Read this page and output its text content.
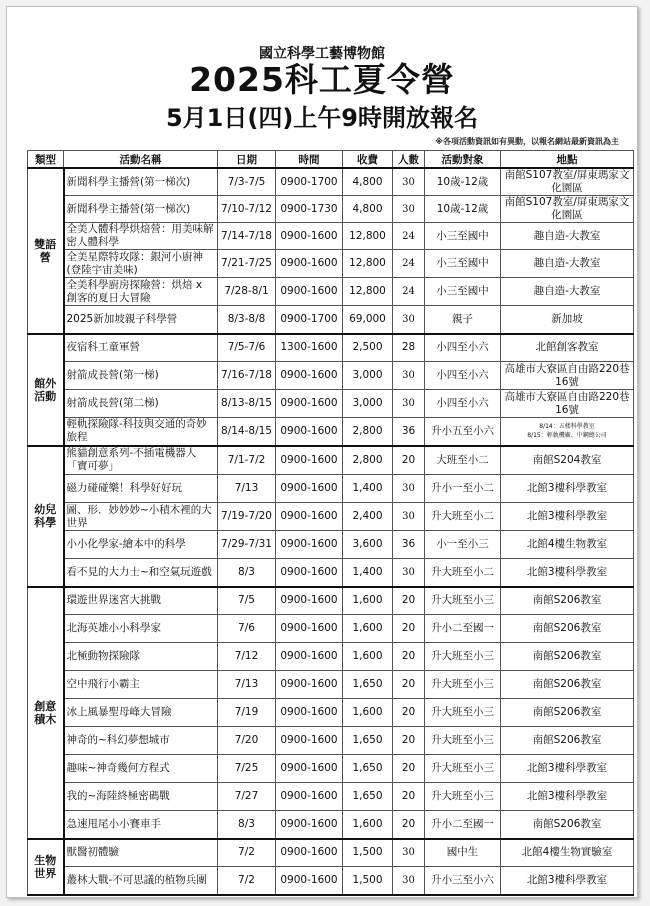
國立科學工藝博物館
2025科工夏令營
5月1日(四)上午9時開放報名
※各項活動資訊如有異動，以報名網站最新資訊為主
類型	活動名稱	日期	時間	收費	人數	活動對象	地點
雙語營	新聞科學主播營(第一梯次)	7/3-7/5	0900-1700	4,800	30	10歲-12歲	南館S107教室/屏東瑪家文化園區
	新聞科學主播營(第一梯次)	7/10-7/12	0900-1730	4,800	30	10歲-12歲	南館S107教室/屏東瑪家文化園區
	全美人體科學烘焙營：用美味解密人體科學	7/14-7/18	0900-1600	12,800	24	小三至國中	趣自造-大教室
	全美星際特攻隊：銀河小廚神(登陸宇宙美味)	7/21-7/25	0900-1600	12,800	24	小三至國中	趣自造-大教室
	全美科學廚房探險營：烘焙 x 創客的夏日大冒險	7/28-8/1	0900-1600	12,800	24	小三至國中	趣自造-大教室
	2025新加坡親子科學營	8/3-8/8	0900-1700	69,000	30	親子	新加坡
館外活動	夜宿科工童軍營	7/5-7/6	1300-1600	2,500	28	小四至小六	北館創客教室
	射箭成長營(第一梯)	7/16-7/18	0900-1600	3,000	30	小四至小六	高雄市大寮區自由路220巷16號
	射箭成長營(第二梯)	8/13-8/15	0900-1600	3,000	30	小四至小六	高雄市大寮區自由路220巷16號
	輕軌探險隊-科技與交通的奇妙旅程	8/14-8/15	0900-1600	2,800	36	升小五至小六	8/14：五楼科學教室
8/15：輕軌機廠、中鋼總公司

幼兒科學	熊貓創意系列-不插電機器人「寶可夢」	7/1-7/2	0900-1600	2,800	20	大班至小二	南館S204教室
	磁力碰碰樂！科學好好玩	7/13	0900-1600	1,400	30	升小一至小二	北館3樓科學教室
	圖、形．妙妙妙~小積木裡的大世界	7/19-7/20	0900-1600	2,400	30	升大班至小二	北館3樓科學教室
	小小化學家-繪本中的科學	7/29-7/31	0900-1600	3,600	36	小一至小三	北館4樓生物教室
	看不見的大力士~和空氣玩遊戲	8/3	0900-1600	1,400	30	升大班至小二	北館3樓科學教室
創意積木	環遊世界迷宮大挑戰	7/5	0900-1600	1,600	20	升大班至小三	南館S206教室
	北海英雄小小科學家	7/6	0900-1600	1,600	20	升小二至國一	南館S206教室
	北極動物探險隊	7/12	0900-1600	1,600	20	升大班至小三	南館S206教室
	空中飛行小霸主	7/13	0900-1600	1,650	20	升大班至小三	南館S206教室
	冰上風暴聖母峰大冒險	7/19	0900-1600	1,600	20	升大班至小三	南館S206教室
	神奇的~科幻夢想城市	7/20	0900-1600	1,650	20	升大班至小三	南館S206教室
	趣味~神奇幾何方程式	7/25	0900-1600	1,650	20	升大班至小三	北館3樓科學教室
	我的~海陸終極密碼戰	7/27	0900-1600	1,650	20	升大班至小三	北館3樓科學教室
	急速甩尾小小賽車手	8/3	0900-1600	1,600	20	升小二至國一	南館S206教室
生物世界	獸醫初體驗	7/2	0900-1600	1,500	30	國中生	北館4樓生物實驗室
	叢林大戰-不可思議的植物兵團	7/2	0900-1600	1,500	30	升小三至小六	北館3樓科學教室
